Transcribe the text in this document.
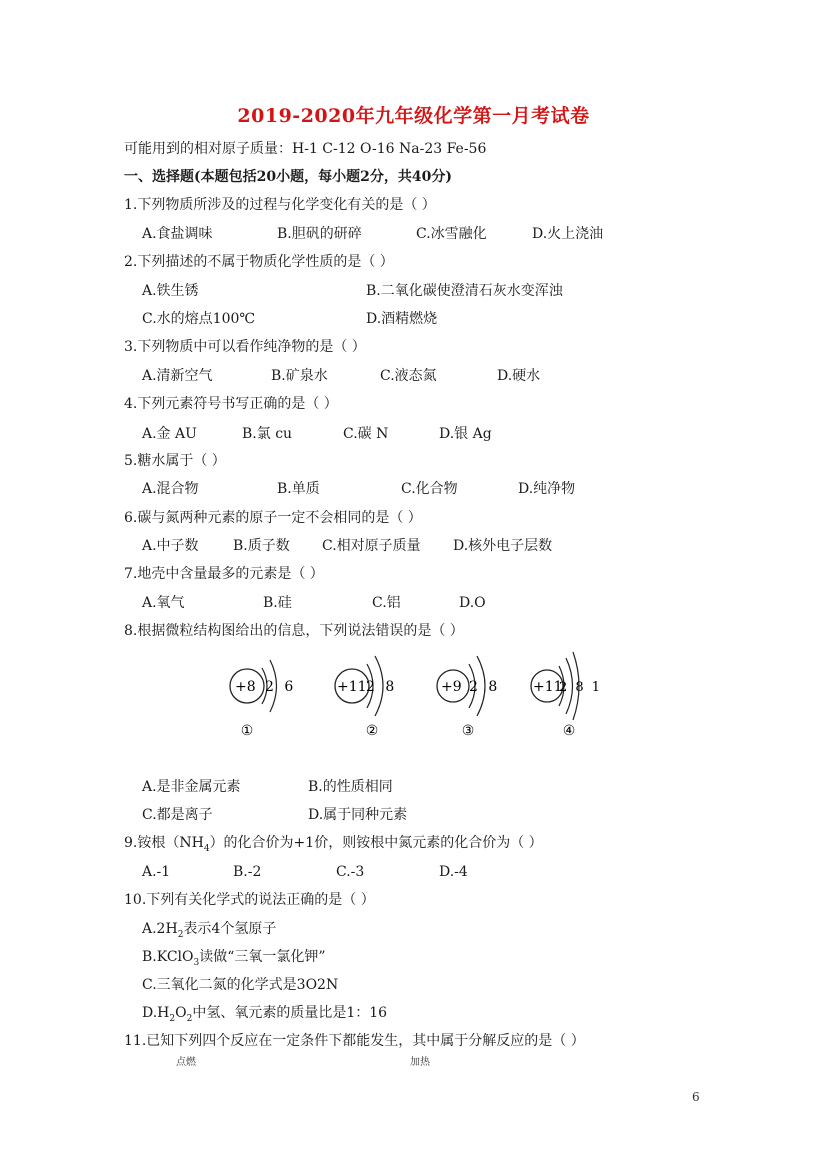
2019-2020年九年级化学第一月考试卷
可能用到的相对原子质量：H-1 C-12 O-16 Na-23 Fe-56
一、选择题(本题包括20小题，每小题2分，共40分)
1.下列物质所涉及的过程与化学变化有关的是（ ）
A.食盐调味	B.胆矾的研碎	C.冰雪融化	D.火上浇油
2.下列描述的不属于物质化学性质的是（ ）
A.铁生锈	B.二氧化碳使澄清石灰水变浑浊
C.水的熔点100℃	D.酒精燃烧
3.下列物质中可以看作纯净物的是（ ）
A.清新空气	B.矿泉水	C.液态氮	D.硬水
4.下列元素符号书写正确的是（ ）
A.金 AU	B.氯 cu	C.碳 N	D.银 Ag
5.糖水属于（ ）
A.混合物	B.单质	C.化合物	D.纯净物
6.碳与氮两种元素的原子一定不会相同的是（ ）
A.中子数 B.质子数 C.相对原子质量 D.核外电子层数
7.地壳中含量最多的元素是（ ）
A.氧气	B.硅	C.铝	D.O
8.根据微粒结构图给出的信息，下列说法错误的是（ ）
+8 2 6
①
+11 2 8
②
+9 2 8
③
+11
2 8 1
④
A.是非金属元素	B.的性质相同
C.都是离子	D.属于同种元素
9.铵根$(NH_4)$的化合价为+1价，则铵根中氮元素的化合价为（ ）
A.-1	B.-2	C.-3	D.-4
10.下列有关化学式的说法正确的是（ ）
$A.2H_2$表示4个氢原子
B.KClO$_3$读做“三氧一氯化钾”
C.三氧化二氮的化学式是3O2N
$D.H_2O_2$中氢、氧元素的质量比是1：16
11.已知下列四个反应在一定条件下都能发生，其中属于分解反应的是（ ）
点燃	加热
6
